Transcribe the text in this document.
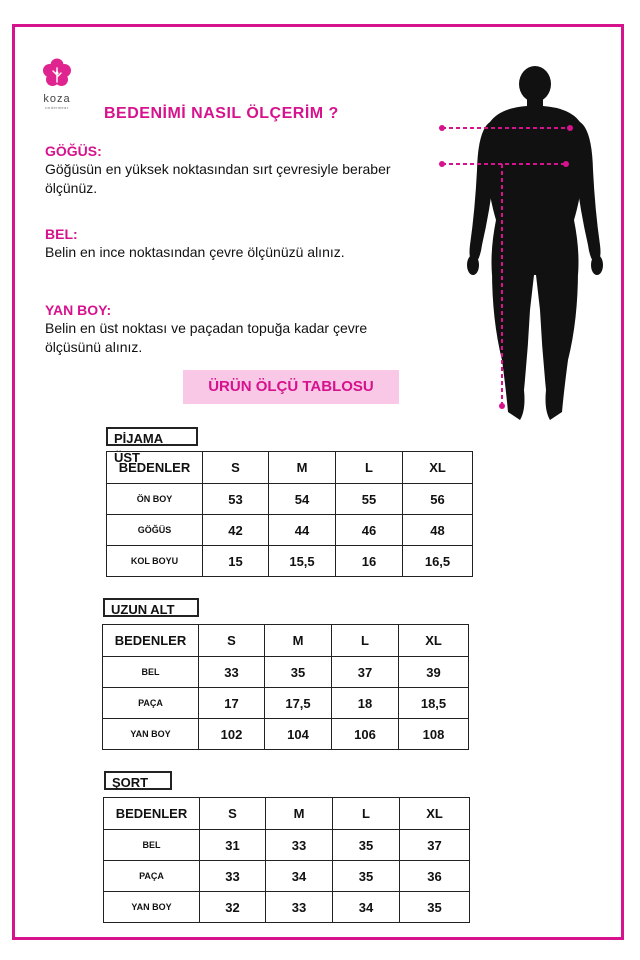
koza
underwear	BEDENİMİ NASIL ÖLÇERİM ?
GÖĞÜS:
Göğüsün en yüksek noktasından sırt çevresiyle beraber ölçünüz.
BEL:
Belin en ince noktasından çevre ölçünüzü alınız.
YAN BOY:
Belin en üst noktası ve paçadan topuğa kadar çevre ölçüsünü alınız.
ÜRÜN ÖLÇÜ TABLOSU
PİJAMA ÜST
BEDENLER	S	M	L	XL
ÖN BOY	53	54	55	56
GÖĞÜS	42	44	46	48
KOL BOYU	15	15,5	16	16,5
UZUN ALT
BEDENLER	S	M	L	XL
BEL	33	35	37	39
PAÇA	17	17,5	18	18,5
YAN BOY	102	104	106	108
ŞORT
BEDENLER	S	M	L	XL
BEL	31	33	35	37
PAÇA	33	34	35	36
YAN BOY	32	33	34	35
